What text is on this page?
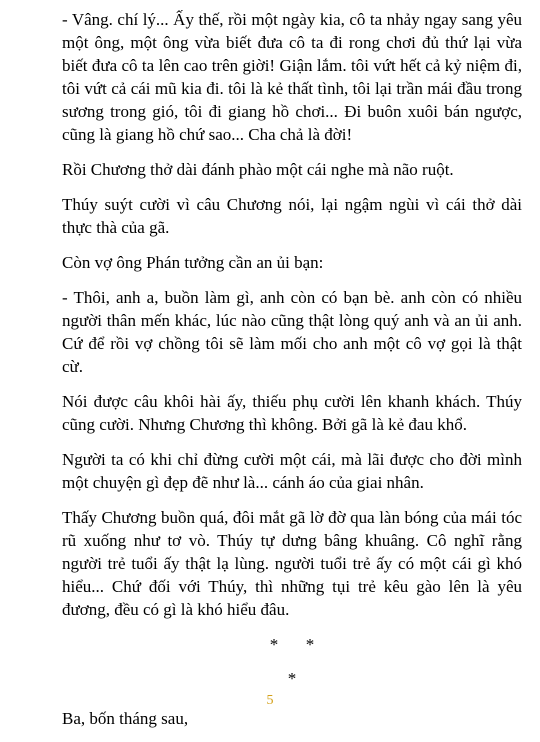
- Vâng. chí lý... Ấy thế, rồi một ngày kia, cô ta nhảy ngay sang yêu một ông, một ông vừa biết đưa cô ta đi rong chơi đủ thứ lại vừa biết đưa cô ta lên cao trên giời! Giận lắm. tôi vứt hết cả kỷ niệm đi, tôi vứt cả cái mũ kia đi. tôi là kẻ thất tình, tôi lại trần mái đầu trong sương trong gió, tôi đi giang hồ chơi... Đi buôn xuôi bán ngược, cũng là giang hồ chứ sao... Cha chả là đời!

Rồi Chương thở dài đánh phào một cái nghe mà não ruột.

Thúy suýt cười vì câu Chương nói, lại ngậm ngùi vì cái thở dài thực thà của gã.

Còn vợ ông Phán tưởng cần an ủi bạn:

- Thôi, anh a, buồn làm gì, anh còn có bạn bè. anh còn có nhiều người thân mến khác, lúc nào cũng thật lòng quý anh và an ủi anh. Cứ để rồi vợ chồng tôi sẽ làm mối cho anh một cô vợ gọi là thật cừ.

Nói được câu khôi hài ấy, thiếu phụ cười lên khanh khách. Thúy cũng cười. Nhưng Chương thì không. Bởi gã là kẻ đau khổ.

Người ta có khi chỉ đừng cười một cái, mà lãi được cho đời mình một chuyện gì đẹp đẽ như là... cánh áo của giai nhân.

Thấy Chương buồn quá, đôi mắt gã lờ đờ qua làn bóng của mái tóc rũ xuống như tơ vò. Thúy tự dưng bâng khuâng. Cô nghĩ rằng người trẻ tuổi ấy thật lạ lùng. người tuổi trẻ ấy có một cái gì khó hiểu... Chứ đối với Thúy, thì những tụi trẻ kêu gào lên là yêu đương, đều có gì là khó hiểu đâu.

* *
*

Ba, bốn tháng sau,

5
